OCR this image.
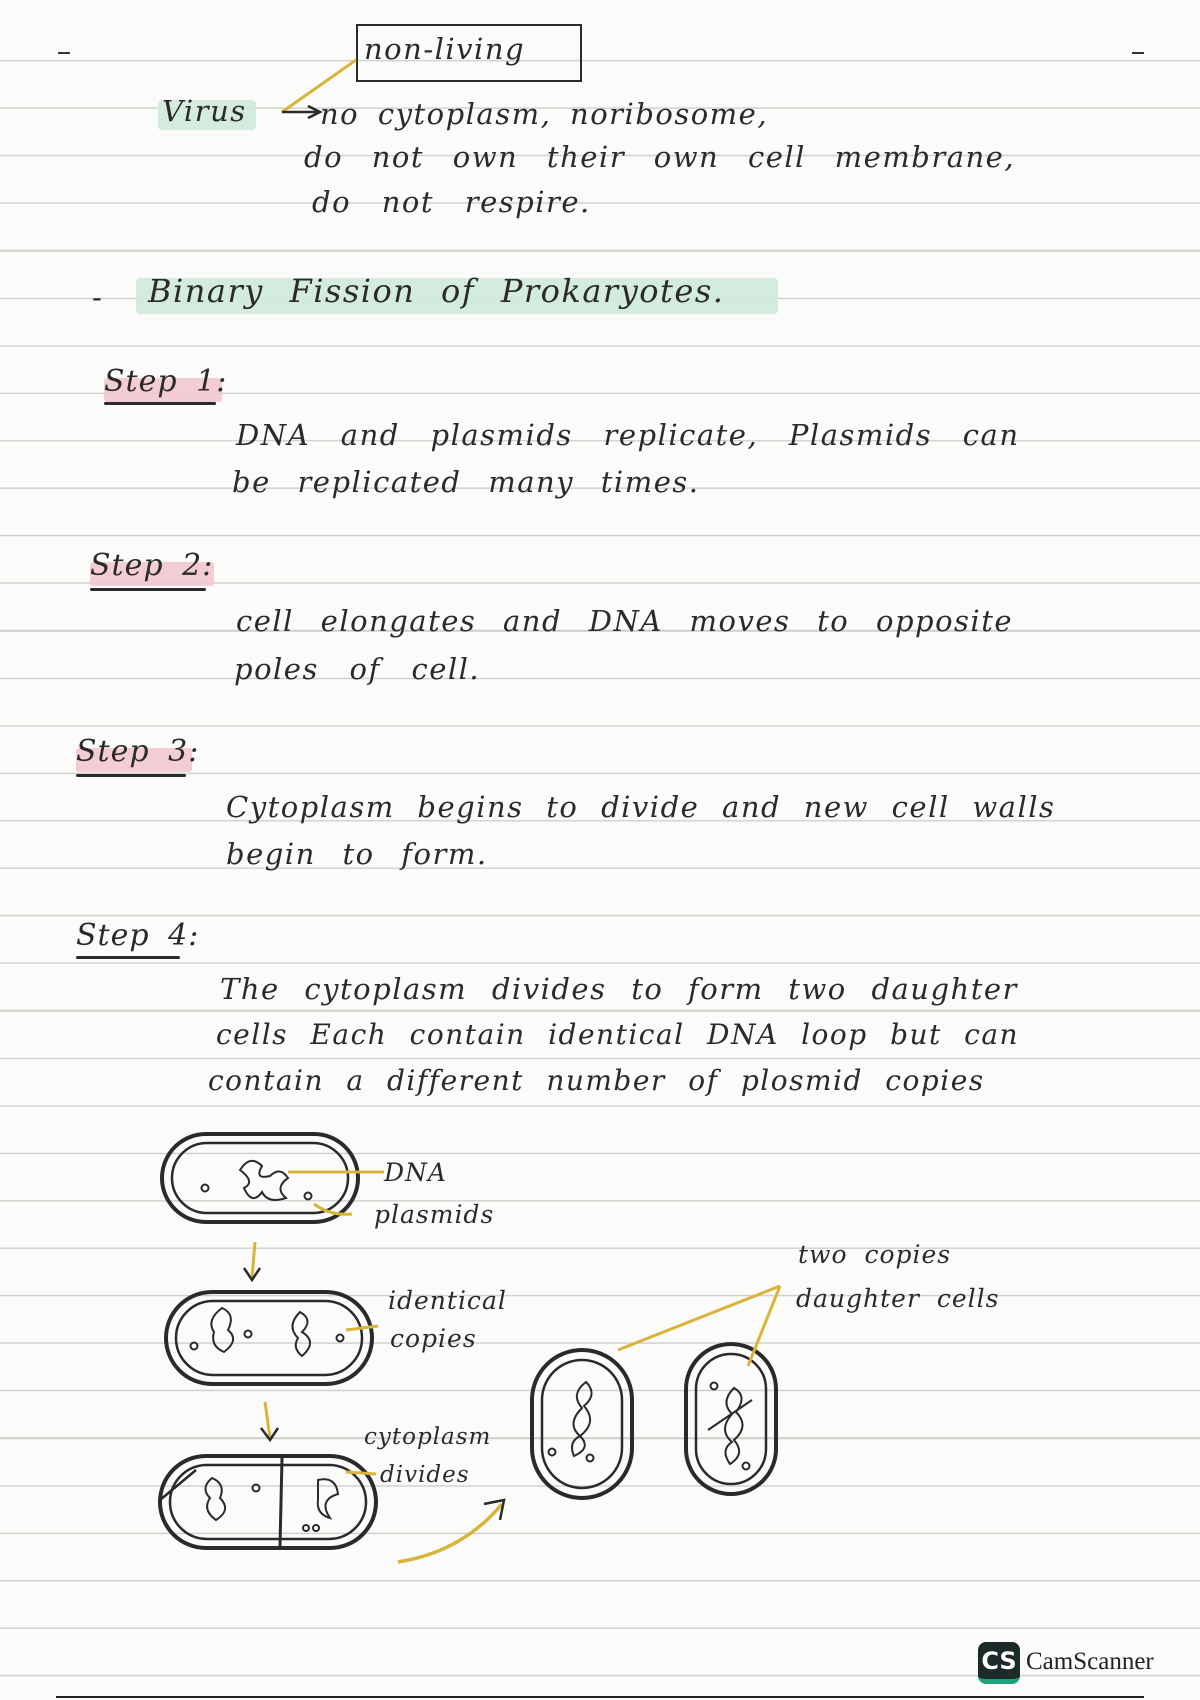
Virus
non-living
no cytoplasm, noribosome,
do not own their own cell membrane,
do not respire.
- Binary Fission of Prokaryotes.
Step 1:
DNA and plasmids replicate, Plasmids can
be replicated many times.
Step 2:
cell elongates and DNA moves to opposite
poles of cell.
Step 3:
Cytoplasm begins to divide and new cell walls
begin to form.
Step 4:
The cytoplasm divides to form two daughter
cells Each contain identical DNA loop but can
contain a different number of plosmid copies
DNA
plasmids
identical
copies
cytoplasm
divides
two copies
daughter cells
CS CamScanner
